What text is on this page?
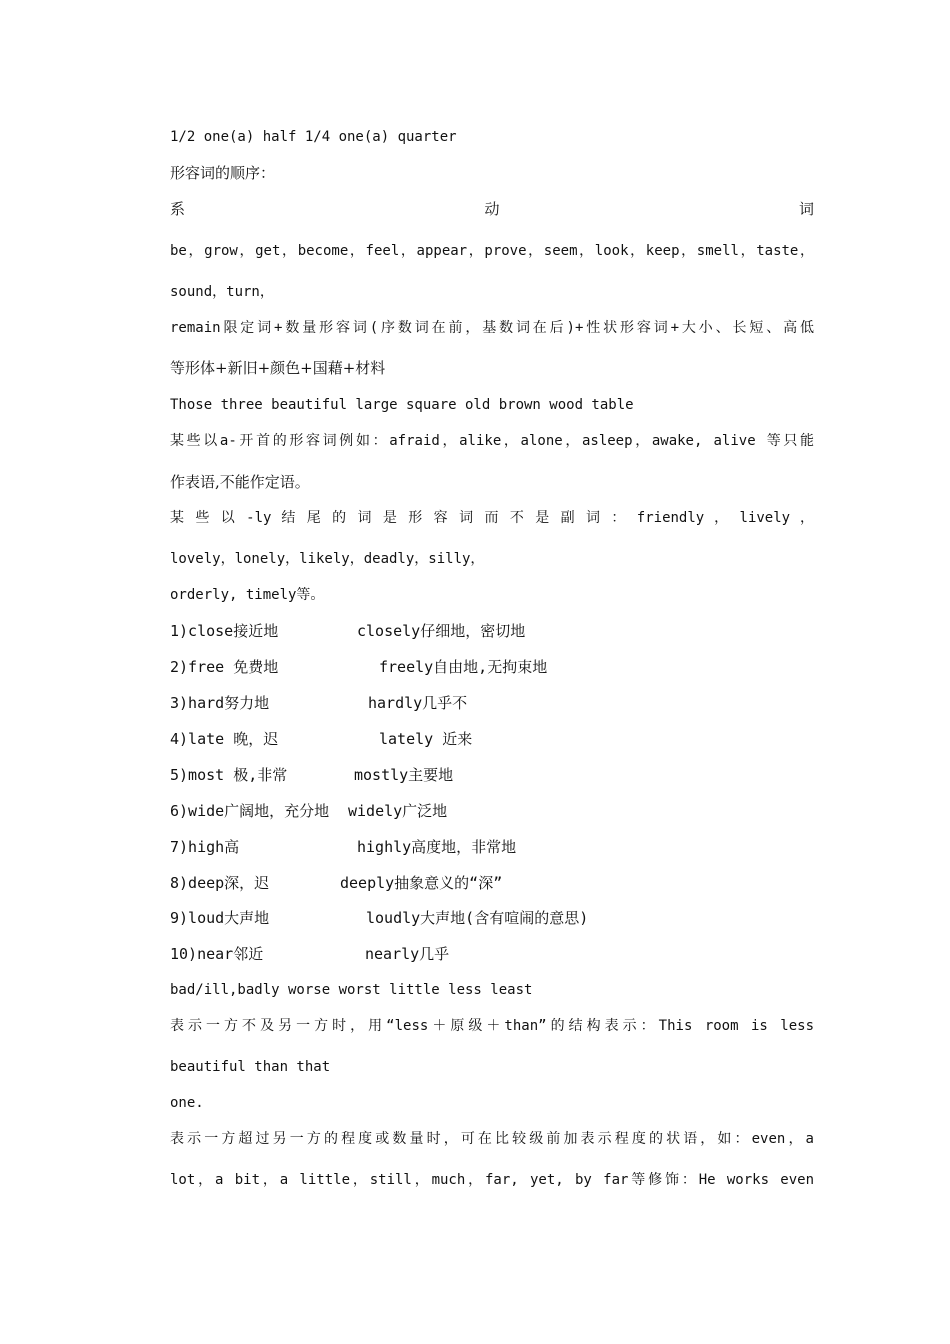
1/2 one(a) half 1/4 one(a) quarter

形容词的顺序：

系	动	词

be，grow，get，become，feel，appear，prove，seem，look，keep，smell，taste，

sound，turn，

remain限定词+数量形容词(序数词在前，基数词在后)+性状形容词+大小、长短、高低

等形体+新旧+颜色+国藉+材料

Those three beautiful large square old brown wood table

某些以a-开首的形容词例如：afraid，alike，alone，asleep，awake, alive 等只能

作表语,不能作定语。

某 些 以 -ly 结 尾 的 词 是 形 容 词 而 不 是 副 词 ： friendly ， lively ，

lovely，lonely，likely，deadly，silly，

orderly, timely等。

1)close接近地	closely仔细地，密切地
2)free 免费地	freely自由地,无拘束地
3)hard努力地	hardly几乎不
4)late 晚，迟	lately 近来
5)most 极,非常	mostly主要地
6)wide广阔地，充分地 widely广泛地
7)high高	highly高度地，非常地
8)deep深，迟	deeply抽象意义的“深”
9)loud大声地	loudly大声地(含有喧闹的意思)
10)near邻近	nearly几乎

bad/ill,badly worse worst little less least

表示一方不及另一方时，用“less＋原级＋than”的结构表示：This room is less

beautiful than that

one.

表示一方超过另一方的程度或数量时，可在比较级前加表示程度的状语，如：even，a

lot，a bit，a little，still，much，far, yet, by far等修饰：He works even
